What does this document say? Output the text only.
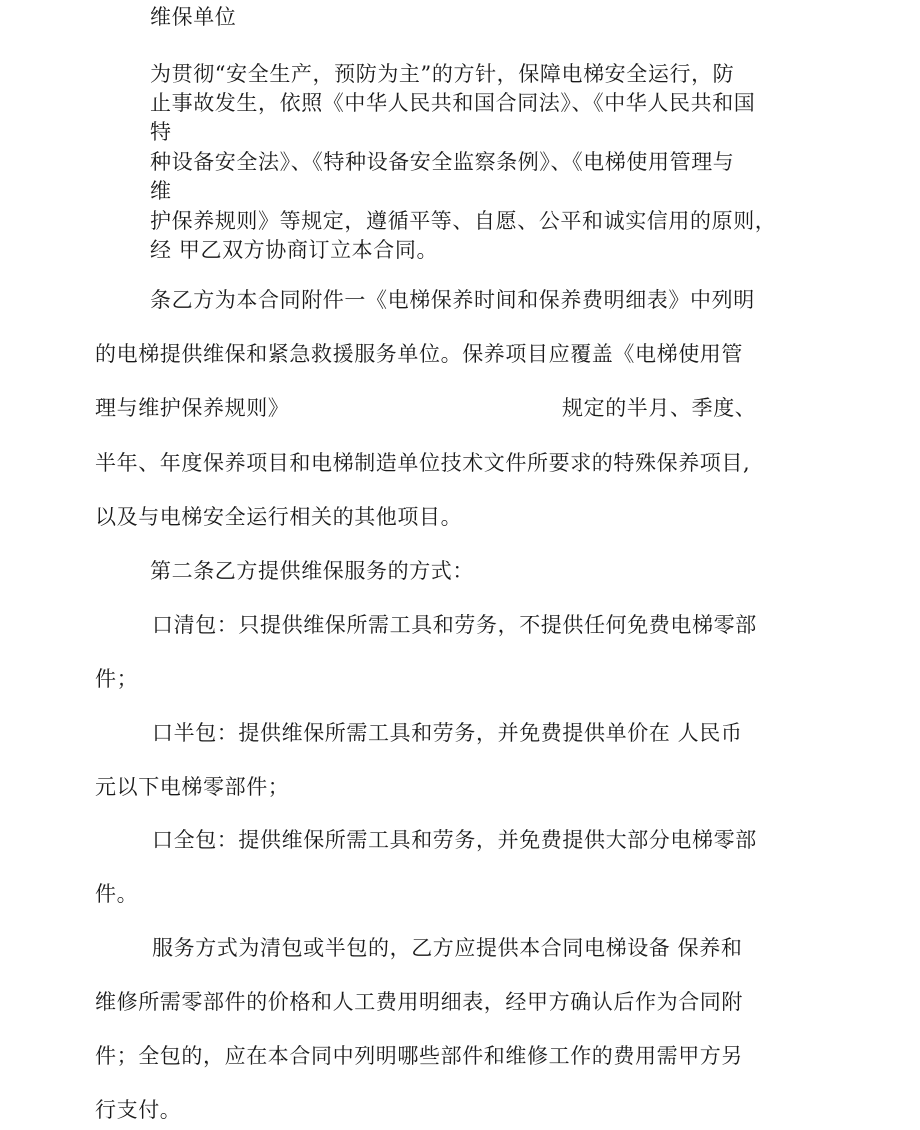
维保单位
为贯彻“安全生产，预防为主”的方针，保障电梯安全运行，防
止事故发生，依照《中华人民共和国合同法》、《中华人民共和国
特
种设备安全法》、《特种设备安全监察条例》、《电梯使用管理与
维
护保养规则》等规定，遵循平等、自愿、公平和诚实信用的原则，
经 甲乙双方协商订立本合同。
条乙方为本合同附件一《电梯保养时间和保养费明细表》中列明
的电梯提供维保和紧急救援服务单位。保养项目应覆盖《电梯使用管
理与维护保养规则》	规定的半月、季度、
半年、年度保养项目和电梯制造单位技术文件所要求的特殊保养项目,
以及与电梯安全运行相关的其他项目。
第二条乙方提供维保服务的方式：
口清包：只提供维保所需工具和劳务，不提供任何免费电梯零部
件；
口半包：提供维保所需工具和劳务，并免费提供单价在 人民币
元以下电梯零部件；
口全包：提供维保所需工具和劳务，并免费提供大部分电梯零部
件。
服务方式为清包或半包的，乙方应提供本合同电梯设备 保养和
维修所需零部件的价格和人工费用明细表，经甲方确认后作为合同附
件；全包的，应在本合同中列明哪些部件和维修工作的费用需甲方另
行支付。
